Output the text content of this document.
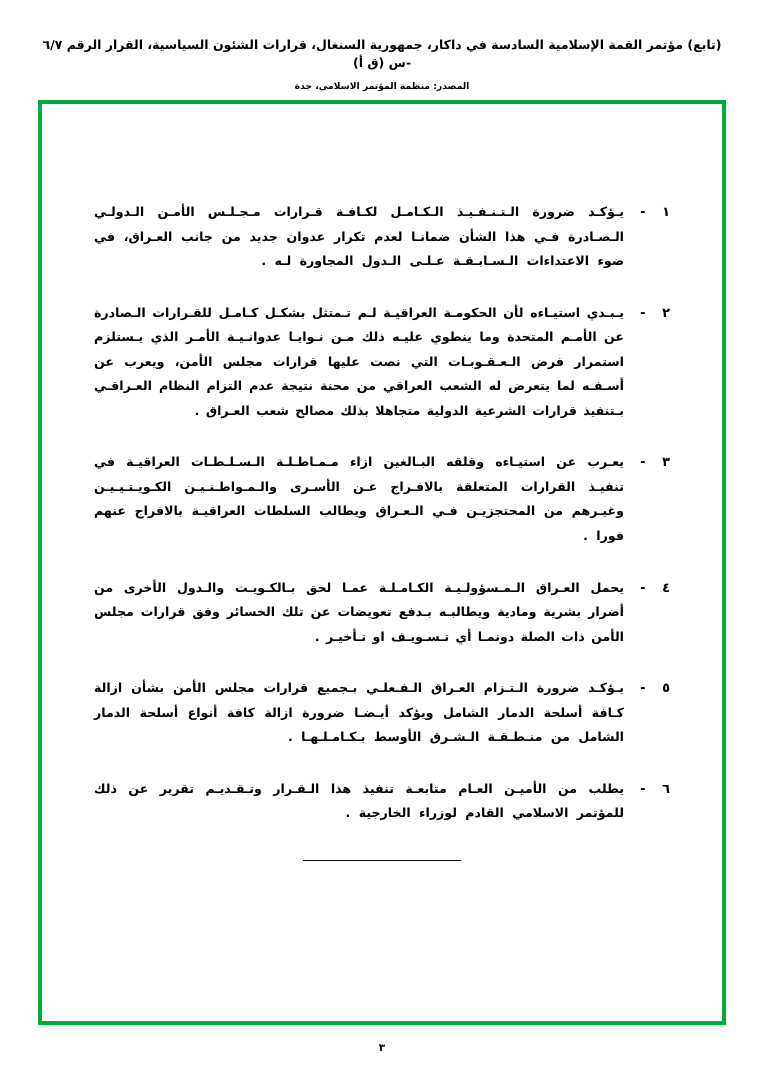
(تابع) مؤتمر القمة الإسلامية السادسة في داكار، جمهورية السنغال، قرارات الشئون السياسية، القرار الرقم ٦/٧ -س (ق أ)
المصدر: منظمة المؤتمر الاسلامي، جدة
١ -
يـؤكـد ضرورة الـتـنـفـيـذ الـكـامـل لكـافـة قـرارات مـجـلـس الأمـن الـدولـي الـصـادرة فـي هذا الشأن ضمانـا لعدم تكرار عدوان جديد من جانب العـراق، في ضوء الاعتداءات الـسـابـقـة عـلـى الـدول المجاورة لـه .
٢ -
يـبـدي استيـاءه لأن الحكومـة العراقيـة لـم تـمتثل بشكـل كـامـل للقـرارات الـصادرة عن الأمـم المتحدة وما ينطوي عليـه ذلك مـن نـوايـا عدوانـيـة الأمـر الذي يـستلزم استمرار فرض الـعـقـوبـات التي نصت عليها قرارات مجلس الأمن، ويعرب عن أسـفـه لما يتعرض له الشعب العراقي من محنة نتيجة عدم التزام النظام العـراقـي بـتنفيذ قرارات الشرعية الدولية متجاهلا بذلك مصالح شعب العـراق .
٣ -
يعـرب عن استيـاءه وقلقه البـالغين ازاء مـمـاطـلـة الـسـلـطـات العراقيـة في تنفيـذ القرارات المتعلقة بالافـراج عـن الأسـرى والـمـواطـنـيـن الكـويـتـيـيـن وغيـرهم من المحتجزيـن فـي الـعـراق ويطالب السلطات العراقيـة بالافراج عنهم فورا .
٤ -
يحمل العـراق الـمـسؤولـيـة الكـامـلـة عمـا لحق بـالكـويـت والـدول الأخرى من أضرار بشرية ومادية ويطالبـه بـدفع تعويضات عن تلك الخسائر وفق قرارات مجلس الأمن ذات الصلة دونمـا أي تـسـويـف او تـأخيـر .
٥ -
يـؤكـد ضرورة الـتـزام العـراق الـفـعلـي بـجميع قرارات مجلس الأمن بشأن ازالة كـافة أسلحة الدمار الشامل ويؤكد أيـضـا ضرورة ازالة كافة أنواع أسلحة الدمار الشامل من منـطـقـة الـشـرق الأوسط بـكـامـلـهـا .
٦ -
يطلب من الأميـن العـام متابعـة تنفيذ هذا الـقـرار وتـقـديـم تقرير عن ذلك للمؤتمر الاسلامي القادم لوزراء الخارجية .
٣
